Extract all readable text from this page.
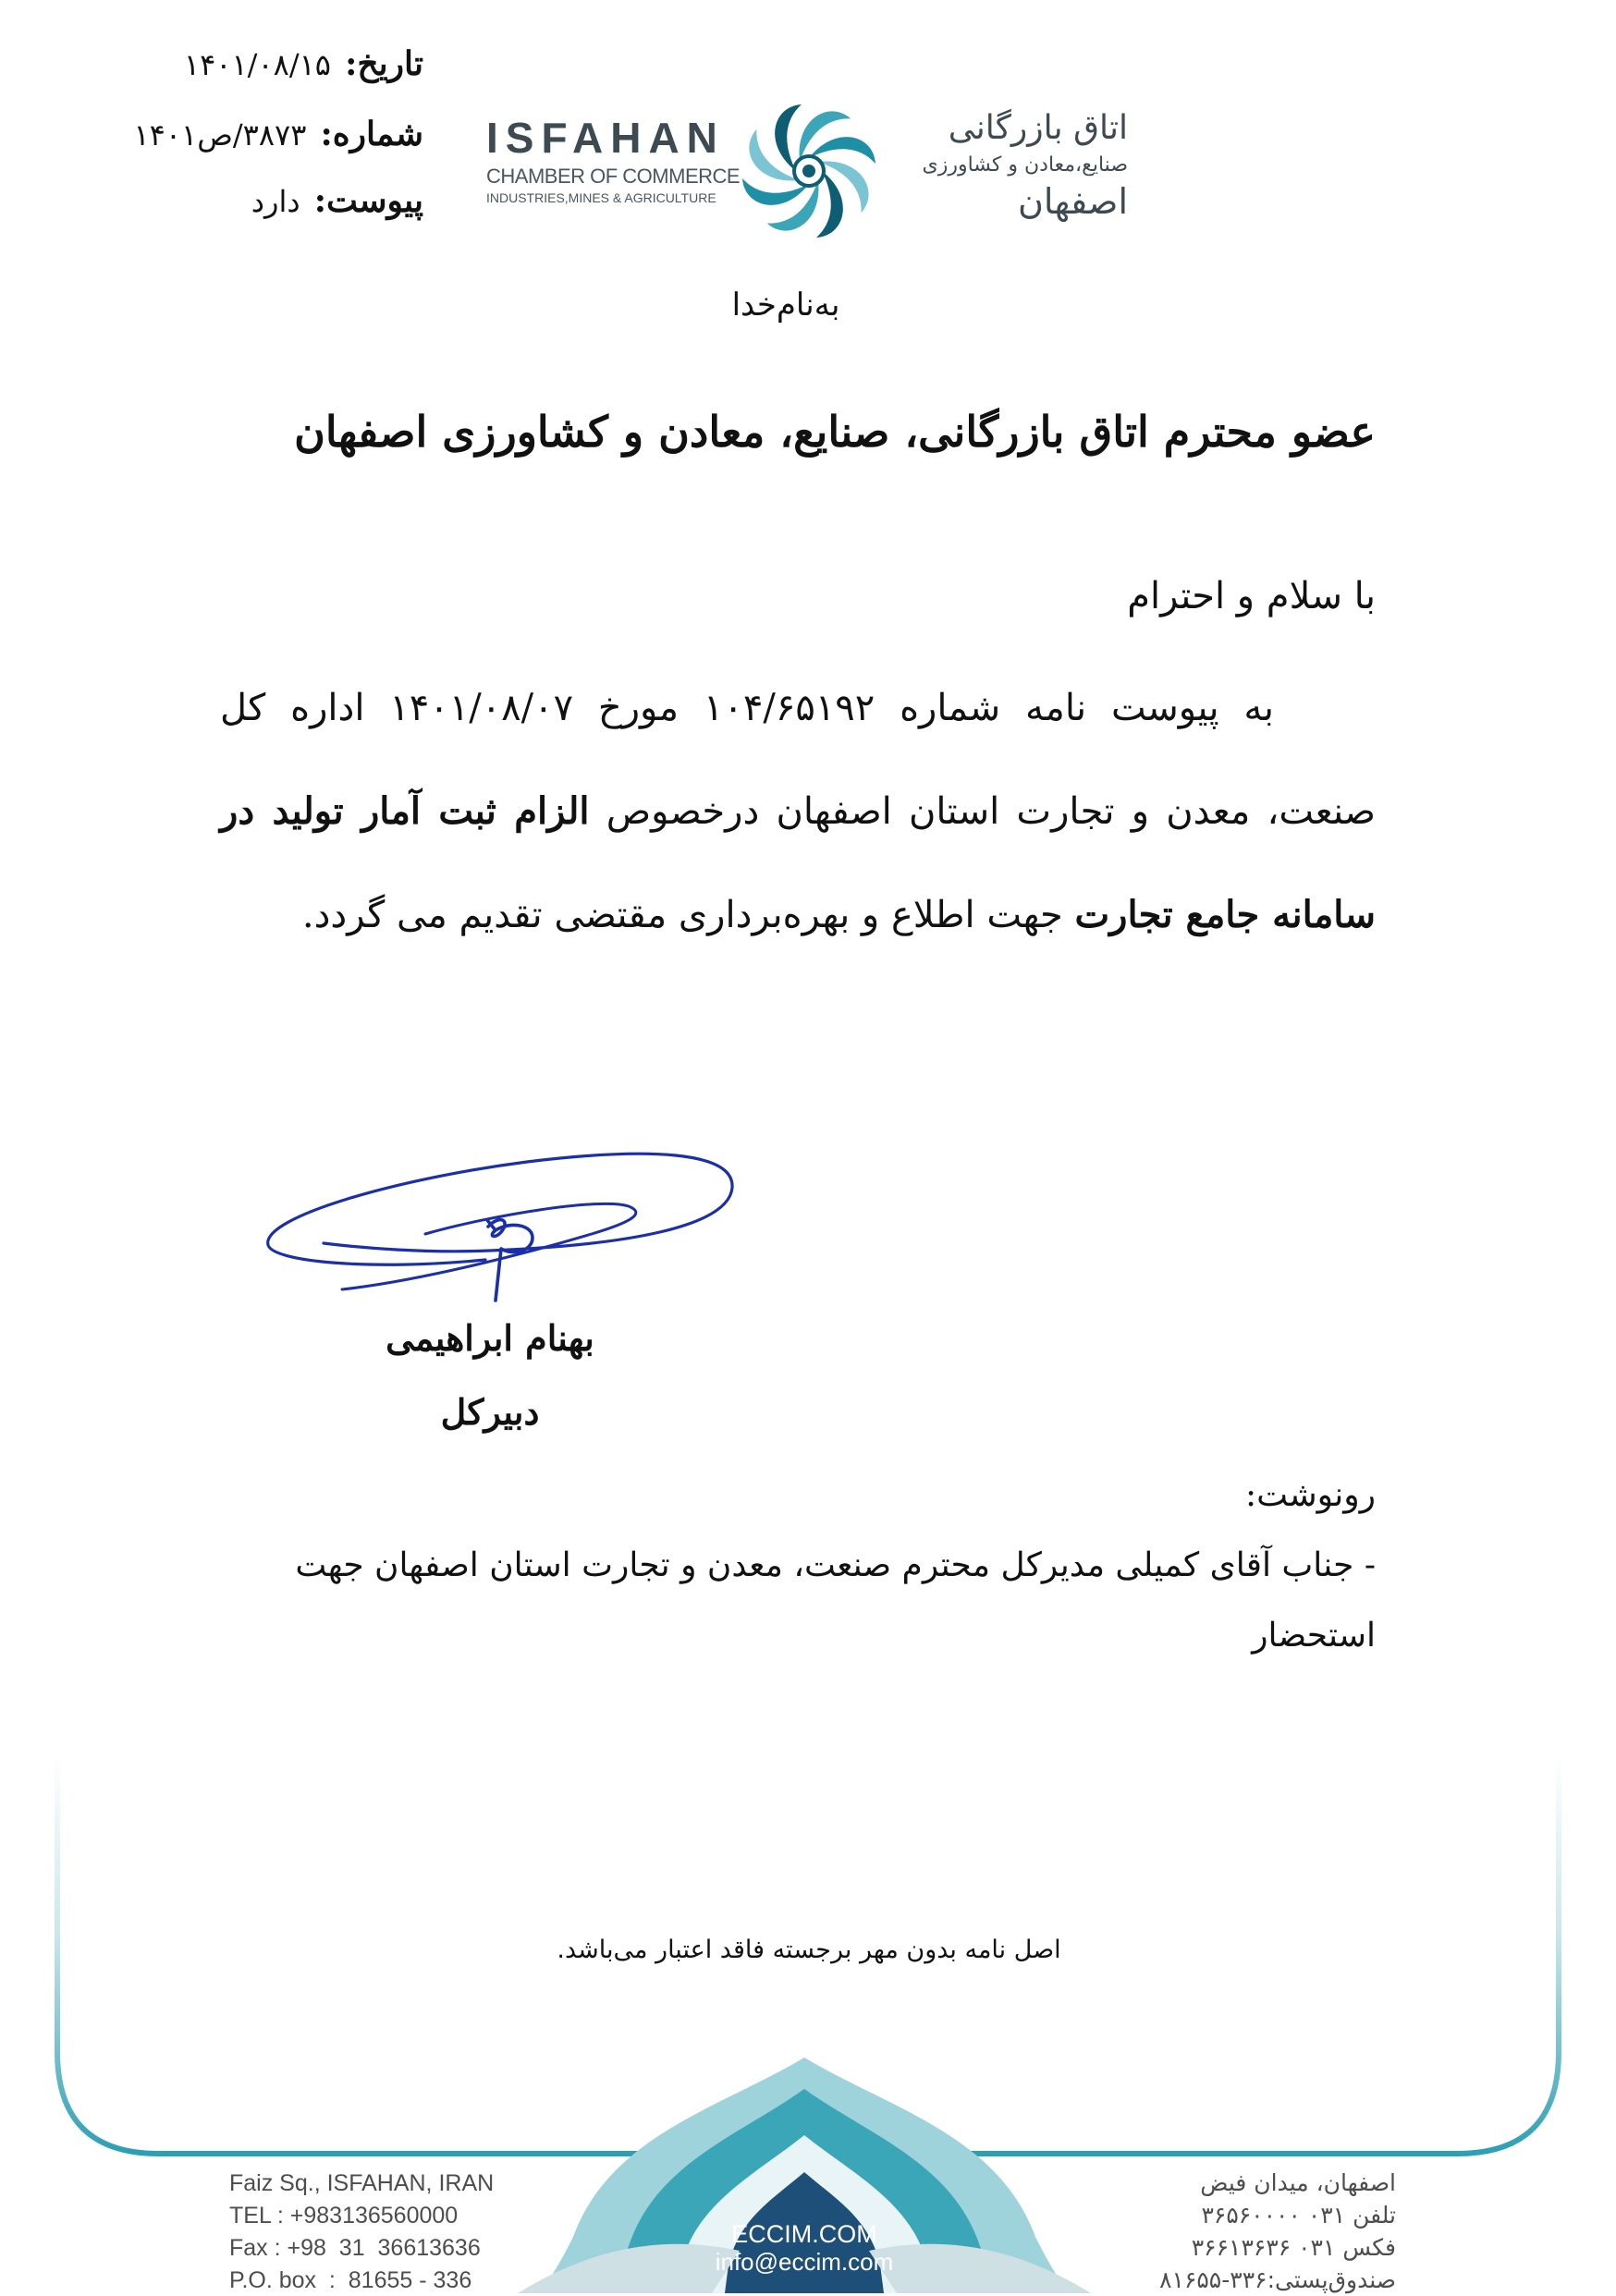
تاریخ: ۱۴۰۱/۰۸/۱۵
شماره: ۳۸۷۳/ص۱۴۰۱
پیوست: دارد
ISFAHAN
CHAMBER OF COMMERCE
INDUSTRIES,MINES & AGRICULTURE
اتاق بازرگانی
صنایع،معادن و کشاورزی
اصفهان
به‌نام‌خدا
عضو محترم اتاق بازرگانی، صنایع، معادن و کشاورزی اصفهان
با سلام و احترام
به پیوست نامه شماره ۱۰۴/۶۵۱۹۲ مورخ ۱۴۰۱/۰۸/۰۷ اداره کل صنعت، معدن و تجارت استان اصفهان درخصوص الزام ثبت آمار تولید در سامانه جامع تجارت جهت اطلاع و بهره‌برداری مقتضی تقدیم می گردد.
بهنام ابراهیمی
دبیرکل
رونوشت:
- جناب آقای کمیلی مدیرکل محترم صنعت، معدن و تجارت استان اصفهان جهت استحضار
اصل نامه بدون مهر برجسته فاقد اعتبار می‌باشد.
ECCIM.COM
info@eccim.com
Faiz Sq., ISFAHAN, IRAN
TEL : +983136560000
Fax : +98  31  36613636
P.O. box  :  81655 - 336
اصفهان، میدان فیض
تلفن ۰۳۱ ۳۶۵۶۰۰۰۰
فکس ۰۳۱ ۳۶۶۱۳۶۳۶
صندوق‌پستی:۳۳۶-۸۱۶۵۵
